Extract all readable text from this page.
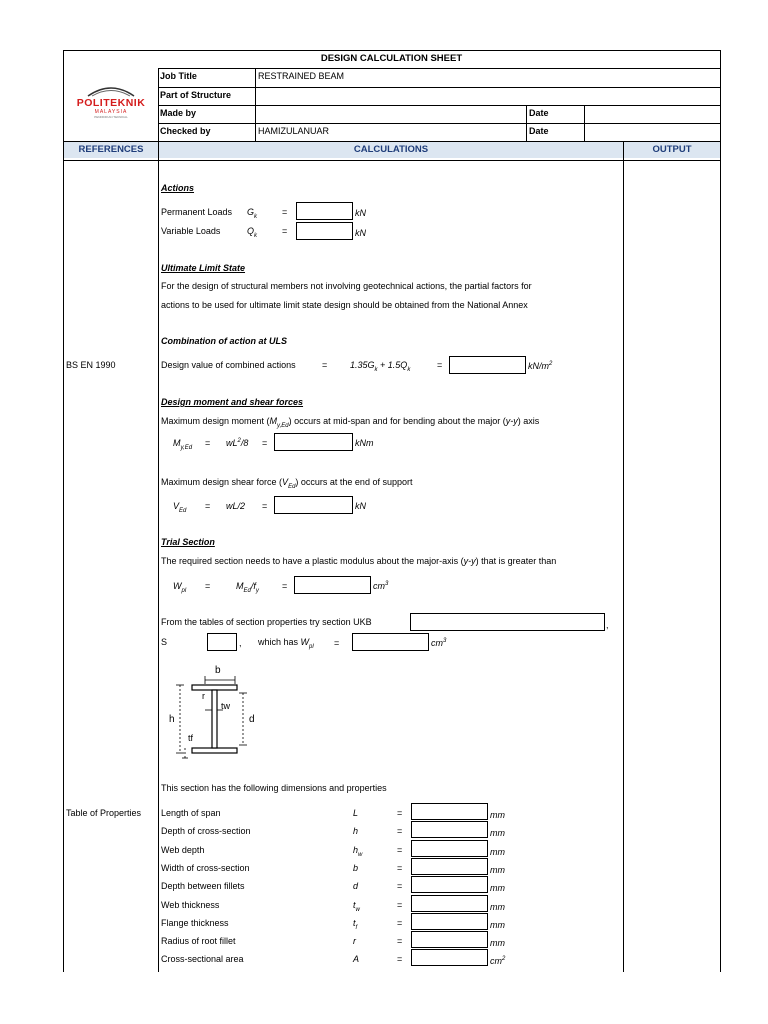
DESIGN CALCULATION SHEET
Job Title	RESTRAINED BEAM
Part of Structure
Made by	Date
Checked by	HAMIZULANUAR	Date
POLITEKNIK
MALAYSIA
PENDIDIKAN TEKNIKAL
REFERENCES	CALCULATIONS	OUTPUT
BS EN 1990
Table of Properties
Actions
Permanent Loads $G_k$	=	kN
Variable Loads	$Q_k$	=	kN
Ultimate Limit State
For the design of structural members not involving geotechnical actions, the partial factors for
actions to be used for ultimate limit state design should be obtained from the National Annex
Combination of action at ULS
Design value of combined actions	=	$1.35G_k + 1.5Q_k$	=	$kN/m^2$
Design moment and shear forces
Maximum design moment $(M_{y,Ed})$ occurs at mid-span and for bending about the major (y-y) axis
$M_{y,Ed} = wL^2/8$ =	kNm
Maximum design shear force $(V_{Ed})$ occurs at the end of support
$V_{Ed} = wL/2$ =	kN
Trial Section
The required section needs to have a plastic modulus about the major-axis (y-y) that is greater than
$W_{pl}$ =	$M_{Ed}/f_y$	=	$cm^3$
From the tables of section properties try section UKB	,
S	, which has $W_{pl}$ =	$cm^3$
b
h	d
r
tw
tf
This section has the following dimensions and properties
Length of span	L	=	mm
Depth of cross-section	h	=	mm
Web depth	$h_w$	=	mm
Width of cross-section	b	=	mm
Depth between fillets	d	=	mm
Web thickness	$t_w$	=	mm
Flange thickness	$t_f$	=	mm
Radius of root fillet	r	=	mm
Cross-sectional area	A	=	$cm^2$
